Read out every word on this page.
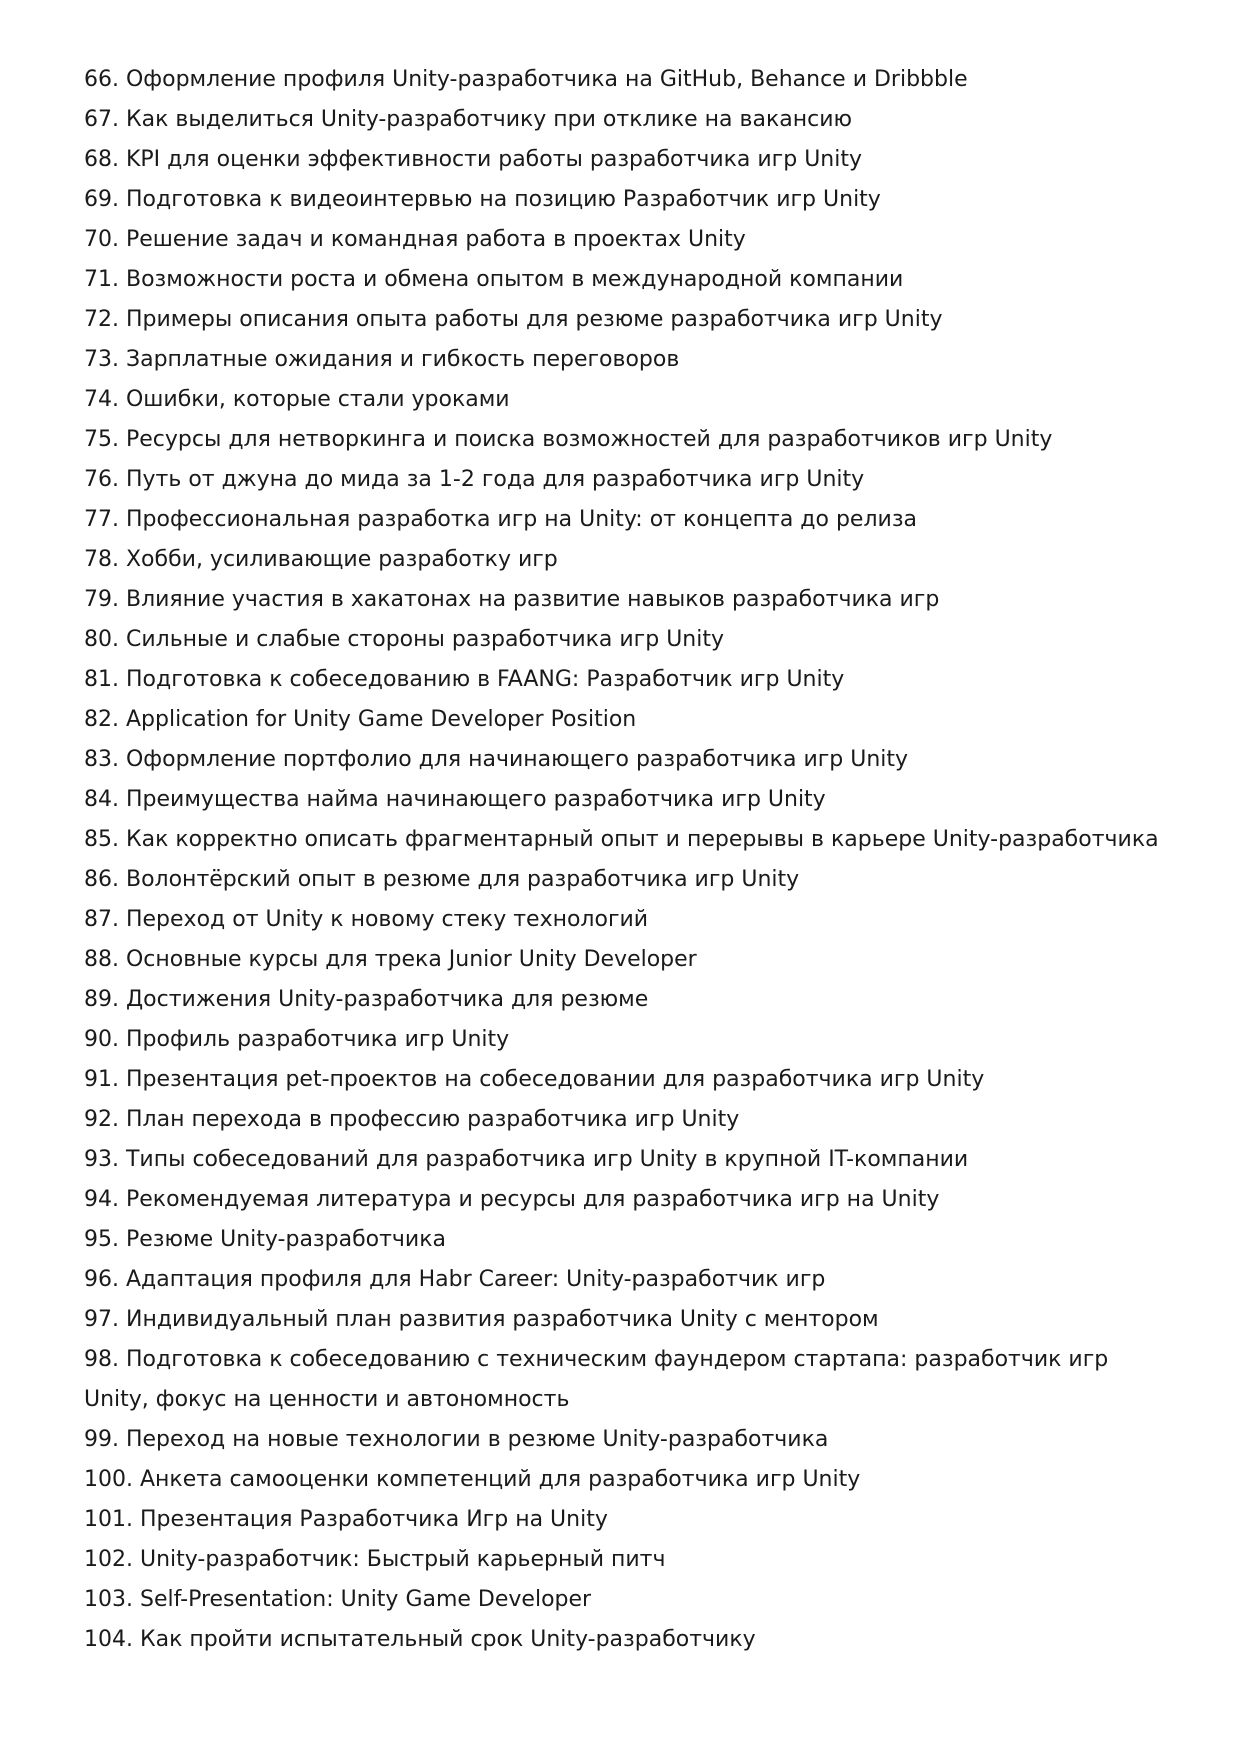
66. Оформление профиля Unity-разработчика на GitHub, Behance и Dribbble
67. Как выделиться Unity-разработчику при отклике на вакансию
68. KPI для оценки эффективности работы разработчика игр Unity
69. Подготовка к видеоинтервью на позицию Разработчик игр Unity
70. Решение задач и командная работа в проектах Unity
71. Возможности роста и обмена опытом в международной компании
72. Примеры описания опыта работы для резюме разработчика игр Unity
73. Зарплатные ожидания и гибкость переговоров
74. Ошибки, которые стали уроками
75. Ресурсы для нетворкинга и поиска возможностей для разработчиков игр Unity
76. Путь от джуна до мида за 1-2 года для разработчика игр Unity
77. Профессиональная разработка игр на Unity: от концепта до релиза
78. Хобби, усиливающие разработку игр
79. Влияние участия в хакатонах на развитие навыков разработчика игр
80. Сильные и слабые стороны разработчика игр Unity
81. Подготовка к собеседованию в FAANG: Разработчик игр Unity
82. Application for Unity Game Developer Position
83. Оформление портфолио для начинающего разработчика игр Unity
84. Преимущества найма начинающего разработчика игр Unity
85. Как корректно описать фрагментарный опыт и перерывы в карьере Unity-разработчика
86. Волонтёрский опыт в резюме для разработчика игр Unity
87. Переход от Unity к новому стеку технологий
88. Основные курсы для трека Junior Unity Developer
89. Достижения Unity-разработчика для резюме
90. Профиль разработчика игр Unity
91. Презентация pet-проектов на собеседовании для разработчика игр Unity
92. План перехода в профессию разработчика игр Unity
93. Типы собеседований для разработчика игр Unity в крупной IT-компании
94. Рекомендуемая литература и ресурсы для разработчика игр на Unity
95. Резюме Unity-разработчика
96. Адаптация профиля для Habr Career: Unity-разработчик игр
97. Индивидуальный план развития разработчика Unity с ментором
98. Подготовка к собеседованию с техническим фаундером стартапа: разработчик игр Unity, фокус на ценности и автономность
99. Переход на новые технологии в резюме Unity-разработчика
100. Анкета самооценки компетенций для разработчика игр Unity
101. Презентация Разработчика Игр на Unity
102. Unity-разработчик: Быстрый карьерный питч
103. Self-Presentation: Unity Game Developer
104. Как пройти испытательный срок Unity-разработчику
